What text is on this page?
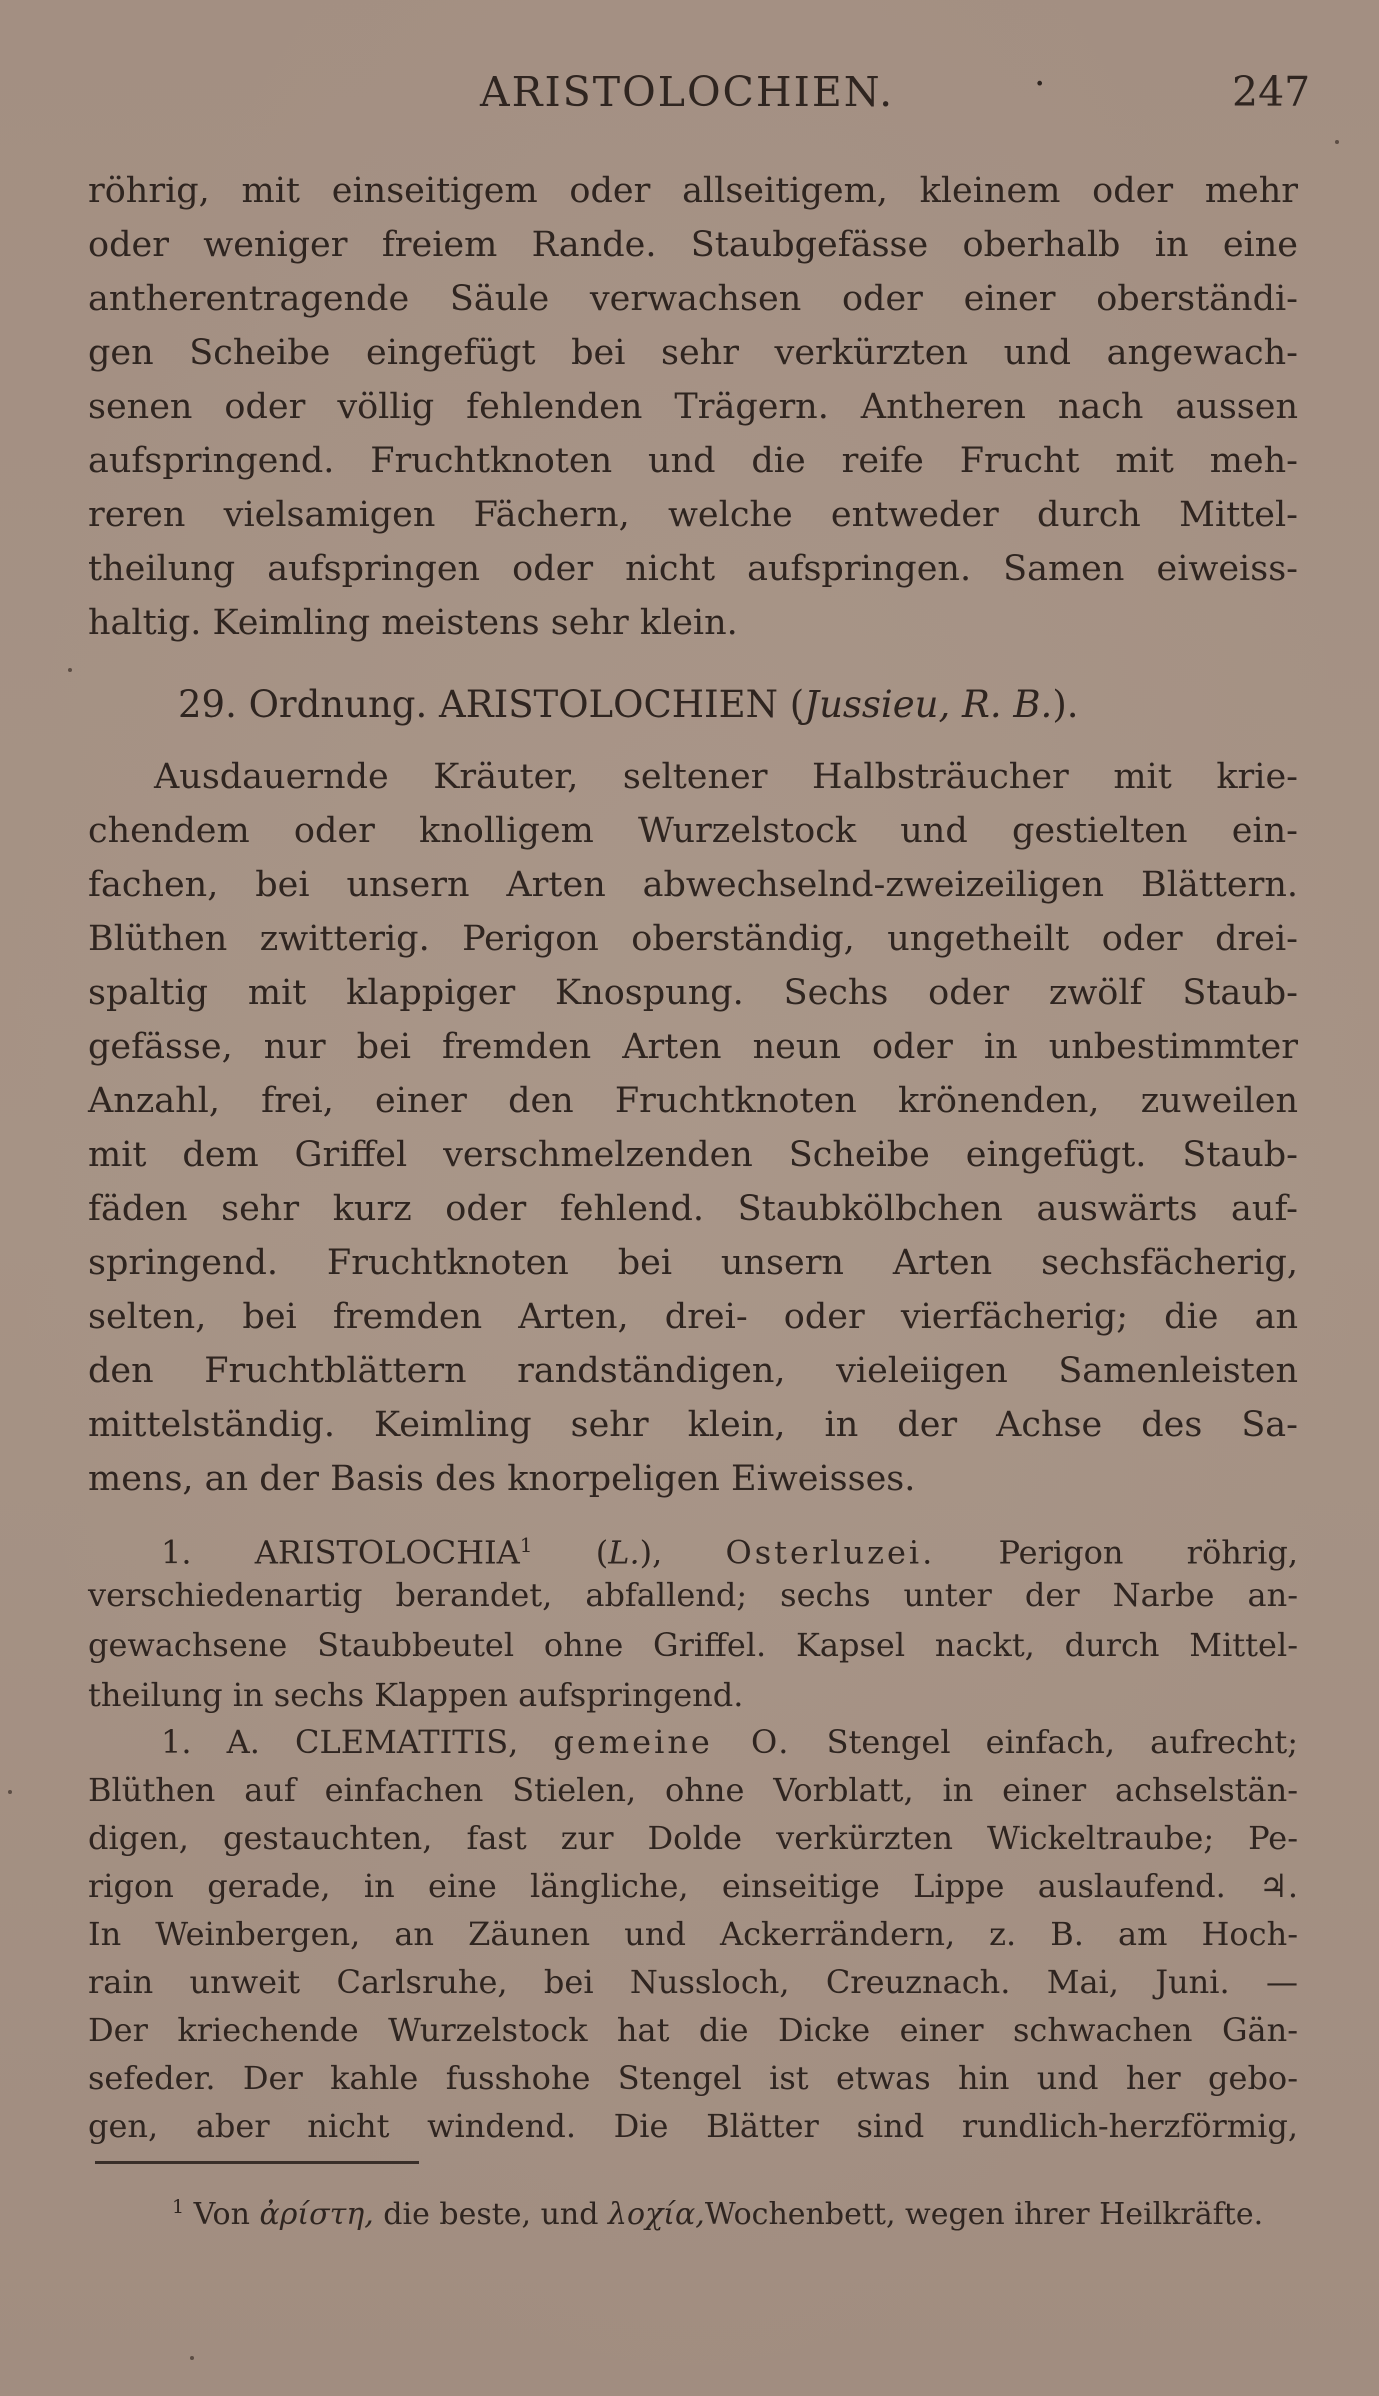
ARISTOLOCHIEN.	·	247
röhrig, mit einseitigem oder allseitigem, kleinem oder mehr
oder weniger freiem Rande. Staubgefässe oberhalb in eine
antherentragende Säule verwachsen oder einer oberständi-
gen Scheibe eingefügt bei sehr verkürzten und angewach-
senen oder völlig fehlenden Trägern. Antheren nach aussen
aufspringend. Fruchtknoten und die reife Frucht mit meh-
reren vielsamigen Fächern, welche entweder durch Mittel-
theilung aufspringen oder nicht aufspringen. Samen eiweiss-
haltig. Keimling meistens sehr klein.
29. Ordnung. ARISTOLOCHIEN (Jussieu, R. B.).
Ausdauernde Kräuter, seltener Halbsträucher mit krie-
chendem oder knolligem Wurzelstock und gestielten ein-
fachen, bei unsern Arten abwechselnd-zweizeiligen Blättern.
Blüthen zwitterig. Perigon oberständig, ungetheilt oder drei-
spaltig mit klappiger Knospung. Sechs oder zwölf Staub-
gefässe, nur bei fremden Arten neun oder in unbestimmter
Anzahl, frei, einer den Fruchtknoten krönenden, zuweilen
mit dem Griffel verschmelzenden Scheibe eingefügt. Staub-
fäden sehr kurz oder fehlend. Staubkölbchen auswärts auf-
springend. Fruchtknoten bei unsern Arten sechsfächerig,
selten, bei fremden Arten, drei- oder vierfächerig; die an
den Fruchtblättern randständigen, vieleiigen Samenleisten
mittelständig. Keimling sehr klein, in der Achse des Sa-
mens, an der Basis des knorpeligen Eiweisses.
1. ARISTOLOCHIA$^1$ (L.), Osterluzei. Perigon röhrig,
verschiedenartig berandet, abfallend; sechs unter der Narbe an-
gewachsene Staubbeutel ohne Griffel. Kapsel nackt, durch Mittel-
theilung in sechs Klappen aufspringend.
1. A. CLEMATITIS, gemeine O. Stengel einfach, aufrecht;
Blüthen auf einfachen Stielen, ohne Vorblatt, in einer achselstän-
digen, gestauchten, fast zur Dolde verkürzten Wickeltraube; Pe-
rigon gerade, in eine längliche, einseitige Lippe auslaufend. ♃.
In Weinbergen, an Zäunen und Ackerrändern, z. B. am Hoch-
rain unweit Carlsruhe, bei Nussloch, Creuznach. Mai, Juni. —
Der kriechende Wurzelstock hat die Dicke einer schwachen Gän-
sefeder. Der kahle fusshohe Stengel ist etwas hin und her gebo-
gen, aber nicht windend. Die Blätter sind rundlich-herzförmig,
$^1$ Von ἀρίστη, die beste, und λοχία,Wochenbett, wegen ihrer Heilkräfte.
